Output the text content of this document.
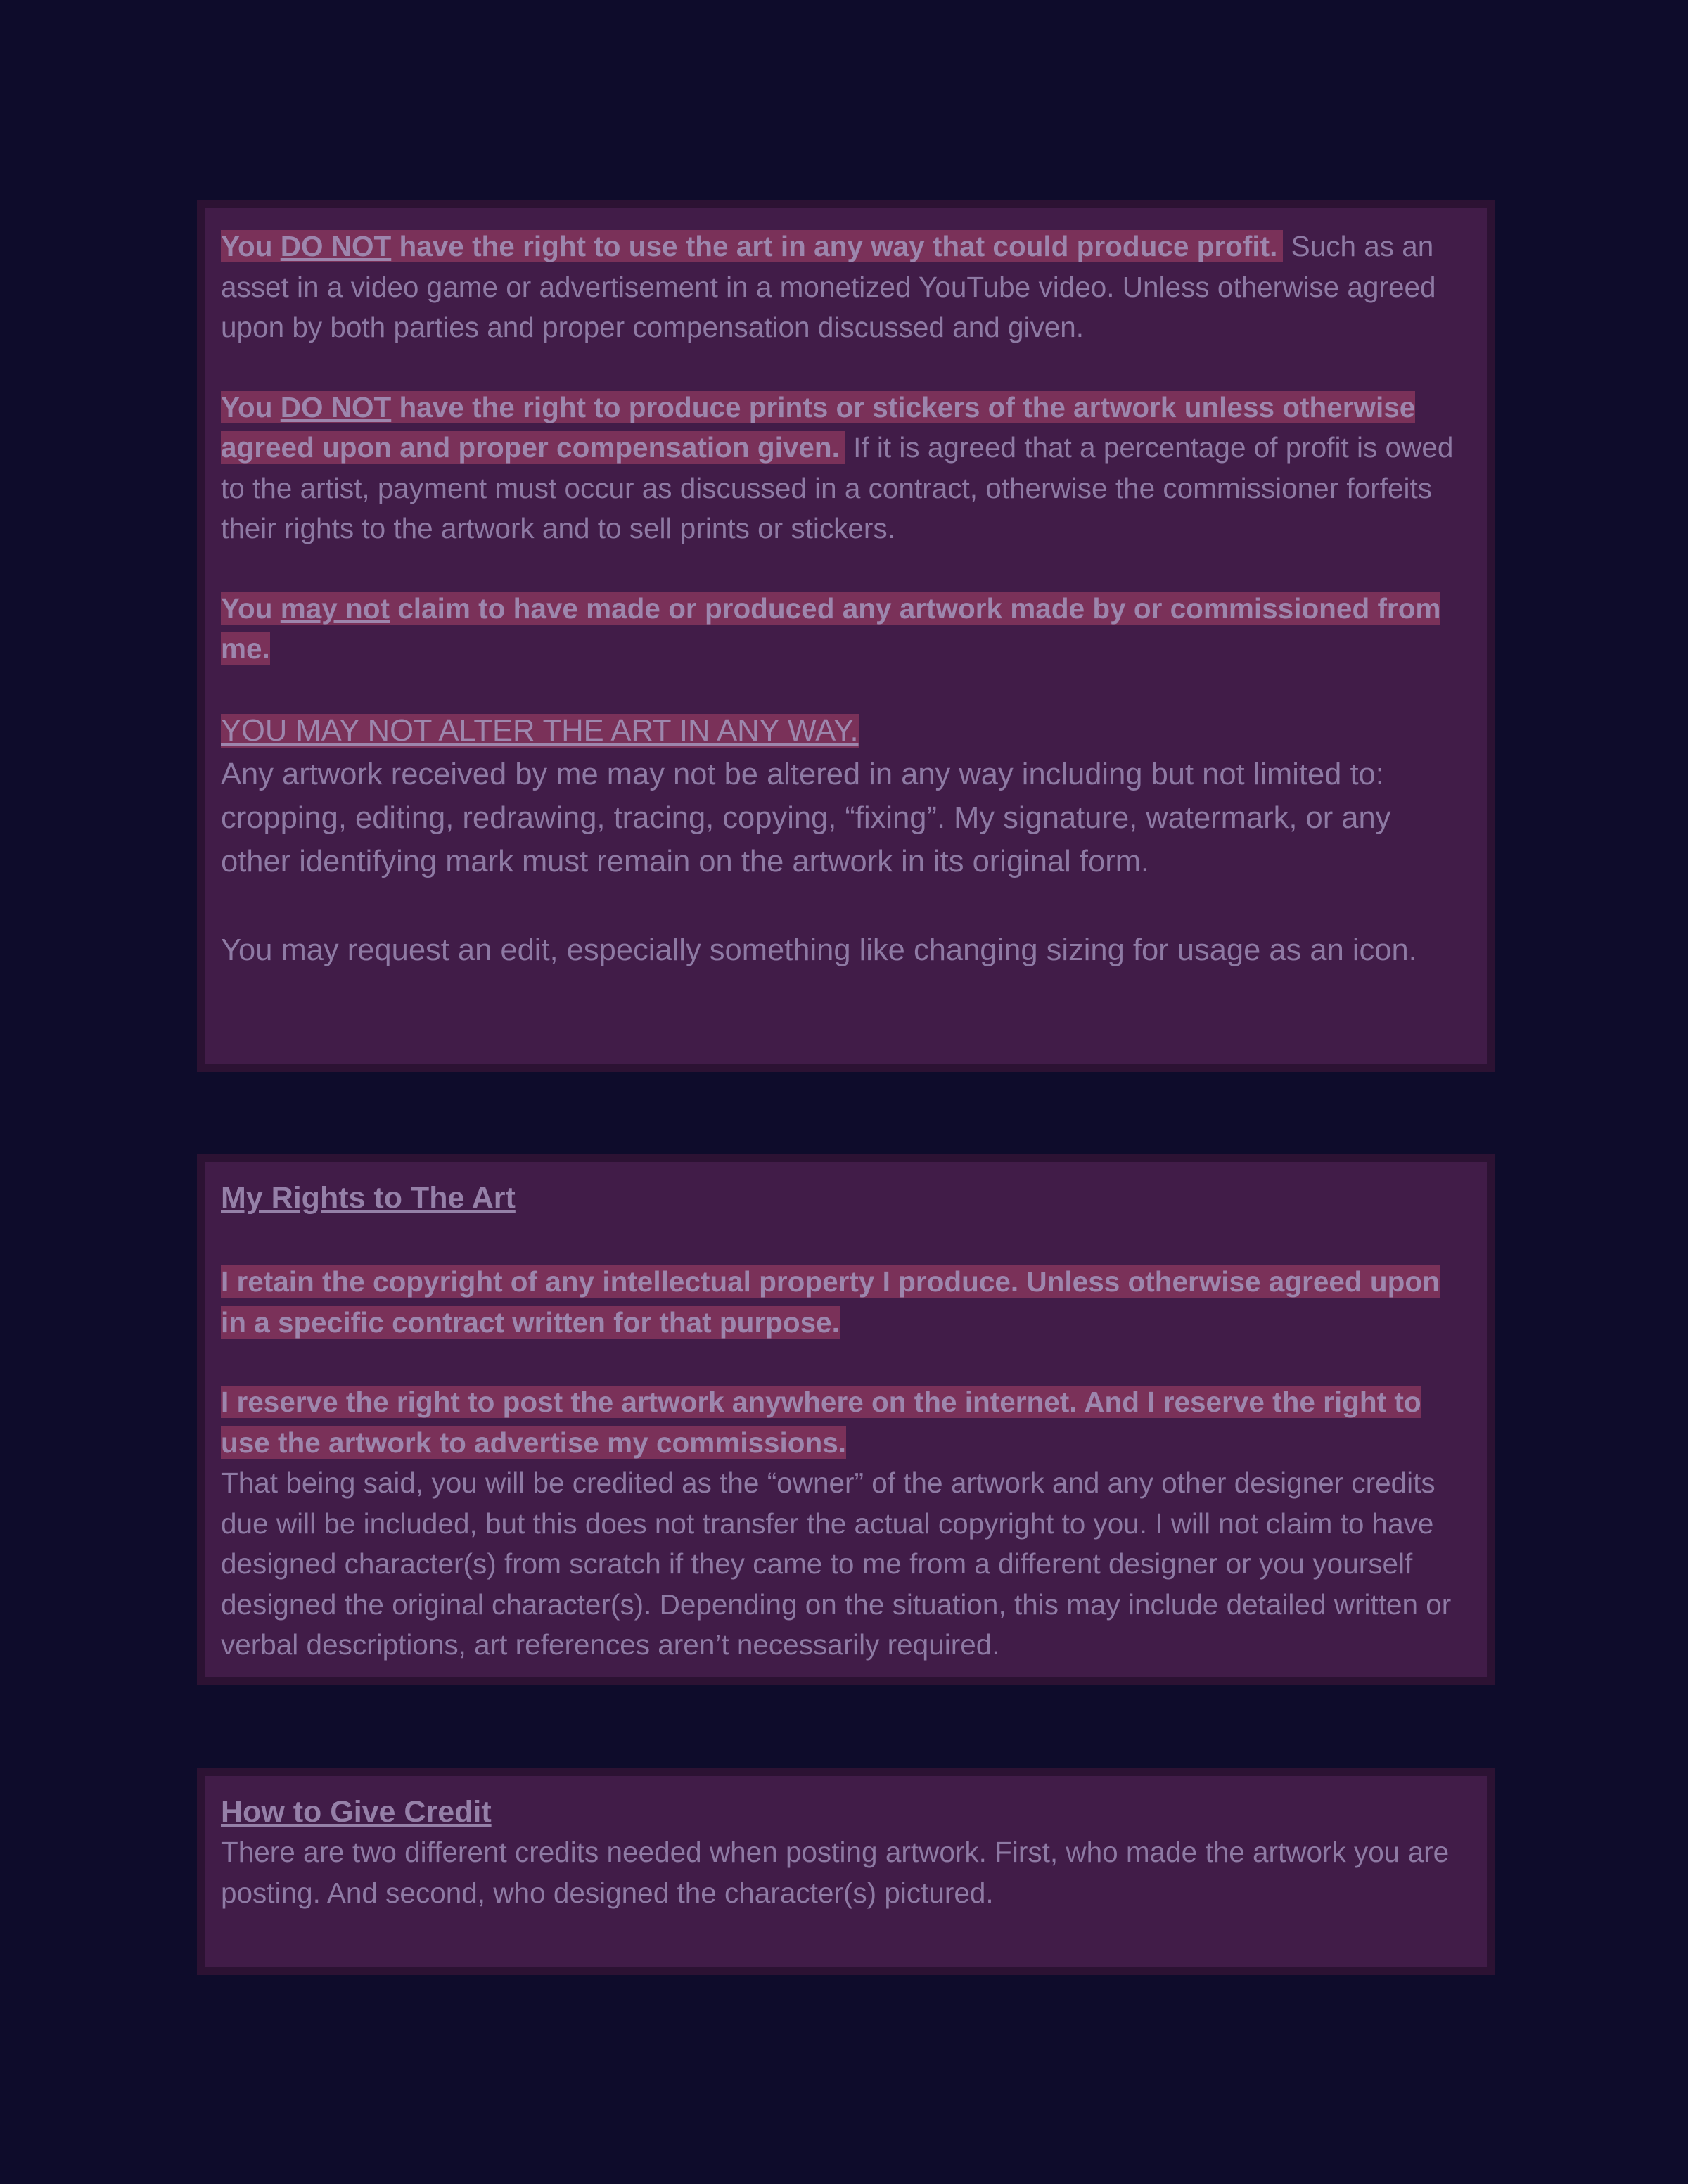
You DO NOT have the right to use the art in any way that could produce profit. Such as an asset in a video game or advertisement in a monetized YouTube video. Unless otherwise agreed upon by both parties and proper compensation discussed and given.

You DO NOT have the right to produce prints or stickers of the artwork unless otherwise agreed upon and proper compensation given. If it is agreed that a percentage of profit is owed to the artist, payment must occur as discussed in a contract, otherwise the commissioner forfeits their rights to the artwork and to sell prints or stickers.

You may not claim to have made or produced any artwork made by or commissioned from me.

YOU MAY NOT ALTER THE ART IN ANY WAY.

Any artwork received by me may not be altered in any way including but not limited to: cropping, editing, redrawing, tracing, copying, “fixing”. My signature, watermark, or any other identifying mark must remain on the artwork in its original form.

You may request an edit, especially something like changing sizing for usage as an icon.

My Rights to The Art

I retain the copyright of any intellectual property I produce. Unless otherwise agreed upon in a specific contract written for that purpose.

I reserve the right to post the artwork anywhere on the internet. And I reserve the right to use the artwork to advertise my commissions.

That being said, you will be credited as the “owner” of the artwork and any other designer credits due will be included, but this does not transfer the actual copyright to you. I will not claim to have designed character(s) from scratch if they came to me from a different designer or you yourself designed the original character(s). Depending on the situation, this may include detailed written or verbal descriptions, art references aren’t necessarily required.

How to Give Credit

There are two different credits needed when posting artwork. First, who made the artwork you are posting. And second, who designed the character(s) pictured.
